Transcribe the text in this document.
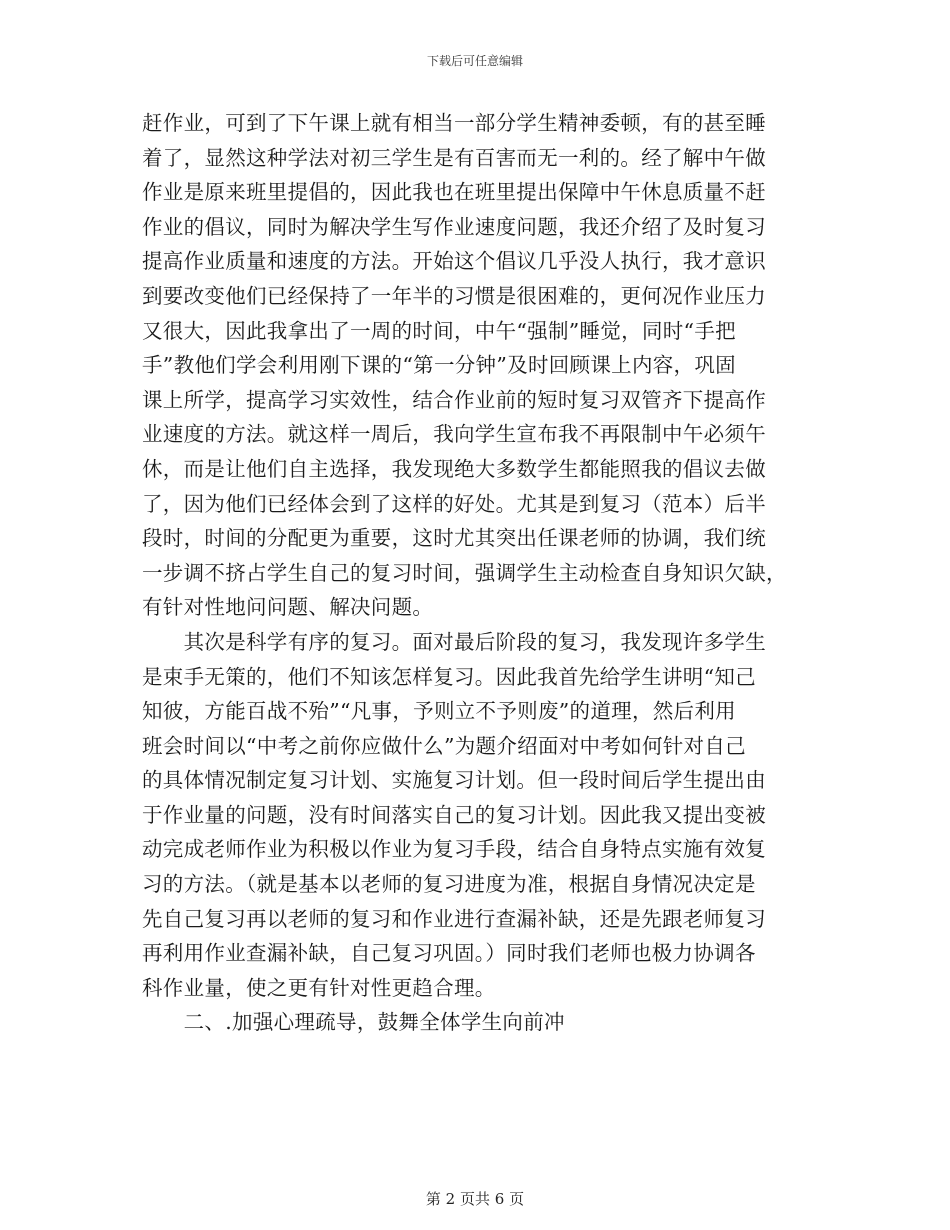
下载后可任意编辑
赶作业，可到了下午课上就有相当一部分学生精神委顿，有的甚至睡
着了，显然这种学法对初三学生是有百害而无一利的。经了解中午做
作业是原来班里提倡的，因此我也在班里提出保障中午休息质量不赶
作业的倡议，同时为解决学生写作业速度问题，我还介绍了及时复习
提高作业质量和速度的方法。开始这个倡议几乎没人执行，我才意识
到要改变他们已经保持了一年半的习惯是很困难的，更何况作业压力
又很大，因此我拿出了一周的时间，中午“强制”睡觉，同时“手把
手”教他们学会利用刚下课的“第一分钟”及时回顾课上内容，巩固
课上所学，提高学习实效性，结合作业前的短时复习双管齐下提高作
业速度的方法。就这样一周后，我向学生宣布我不再限制中午必须午
休，而是让他们自主选择，我发现绝大多数学生都能照我的倡议去做
了，因为他们已经体会到了这样的好处。尤其是到复习（范本）后半
段时，时间的分配更为重要，这时尤其突出任课老师的协调，我们统
一步调不挤占学生自己的复习时间，强调学生主动检查自身知识欠缺，
有针对性地问问题、解决问题。
　　其次是科学有序的复习。面对最后阶段的复习，我发现许多学生
是束手无策的，他们不知该怎样复习。因此我首先给学生讲明“知己
知彼，方能百战不殆”“凡事，予则立不予则废”的道理，然后利用
班会时间以“中考之前你应做什么”为题介绍面对中考如何针对自己
的具体情况制定复习计划、实施复习计划。但一段时间后学生提出由
于作业量的问题，没有时间落实自己的复习计划。因此我又提出变被
动完成老师作业为积极以作业为复习手段，结合自身特点实施有效复
习的方法。（就是基本以老师的复习进度为准，根据自身情况决定是
先自己复习再以老师的复习和作业进行查漏补缺，还是先跟老师复习
再利用作业查漏补缺，自己复习巩固。）同时我们老师也极力协调各
科作业量，使之更有针对性更趋合理。
　　二、.加强心理疏导，鼓舞全体学生向前冲
第 2 页共 6 页
